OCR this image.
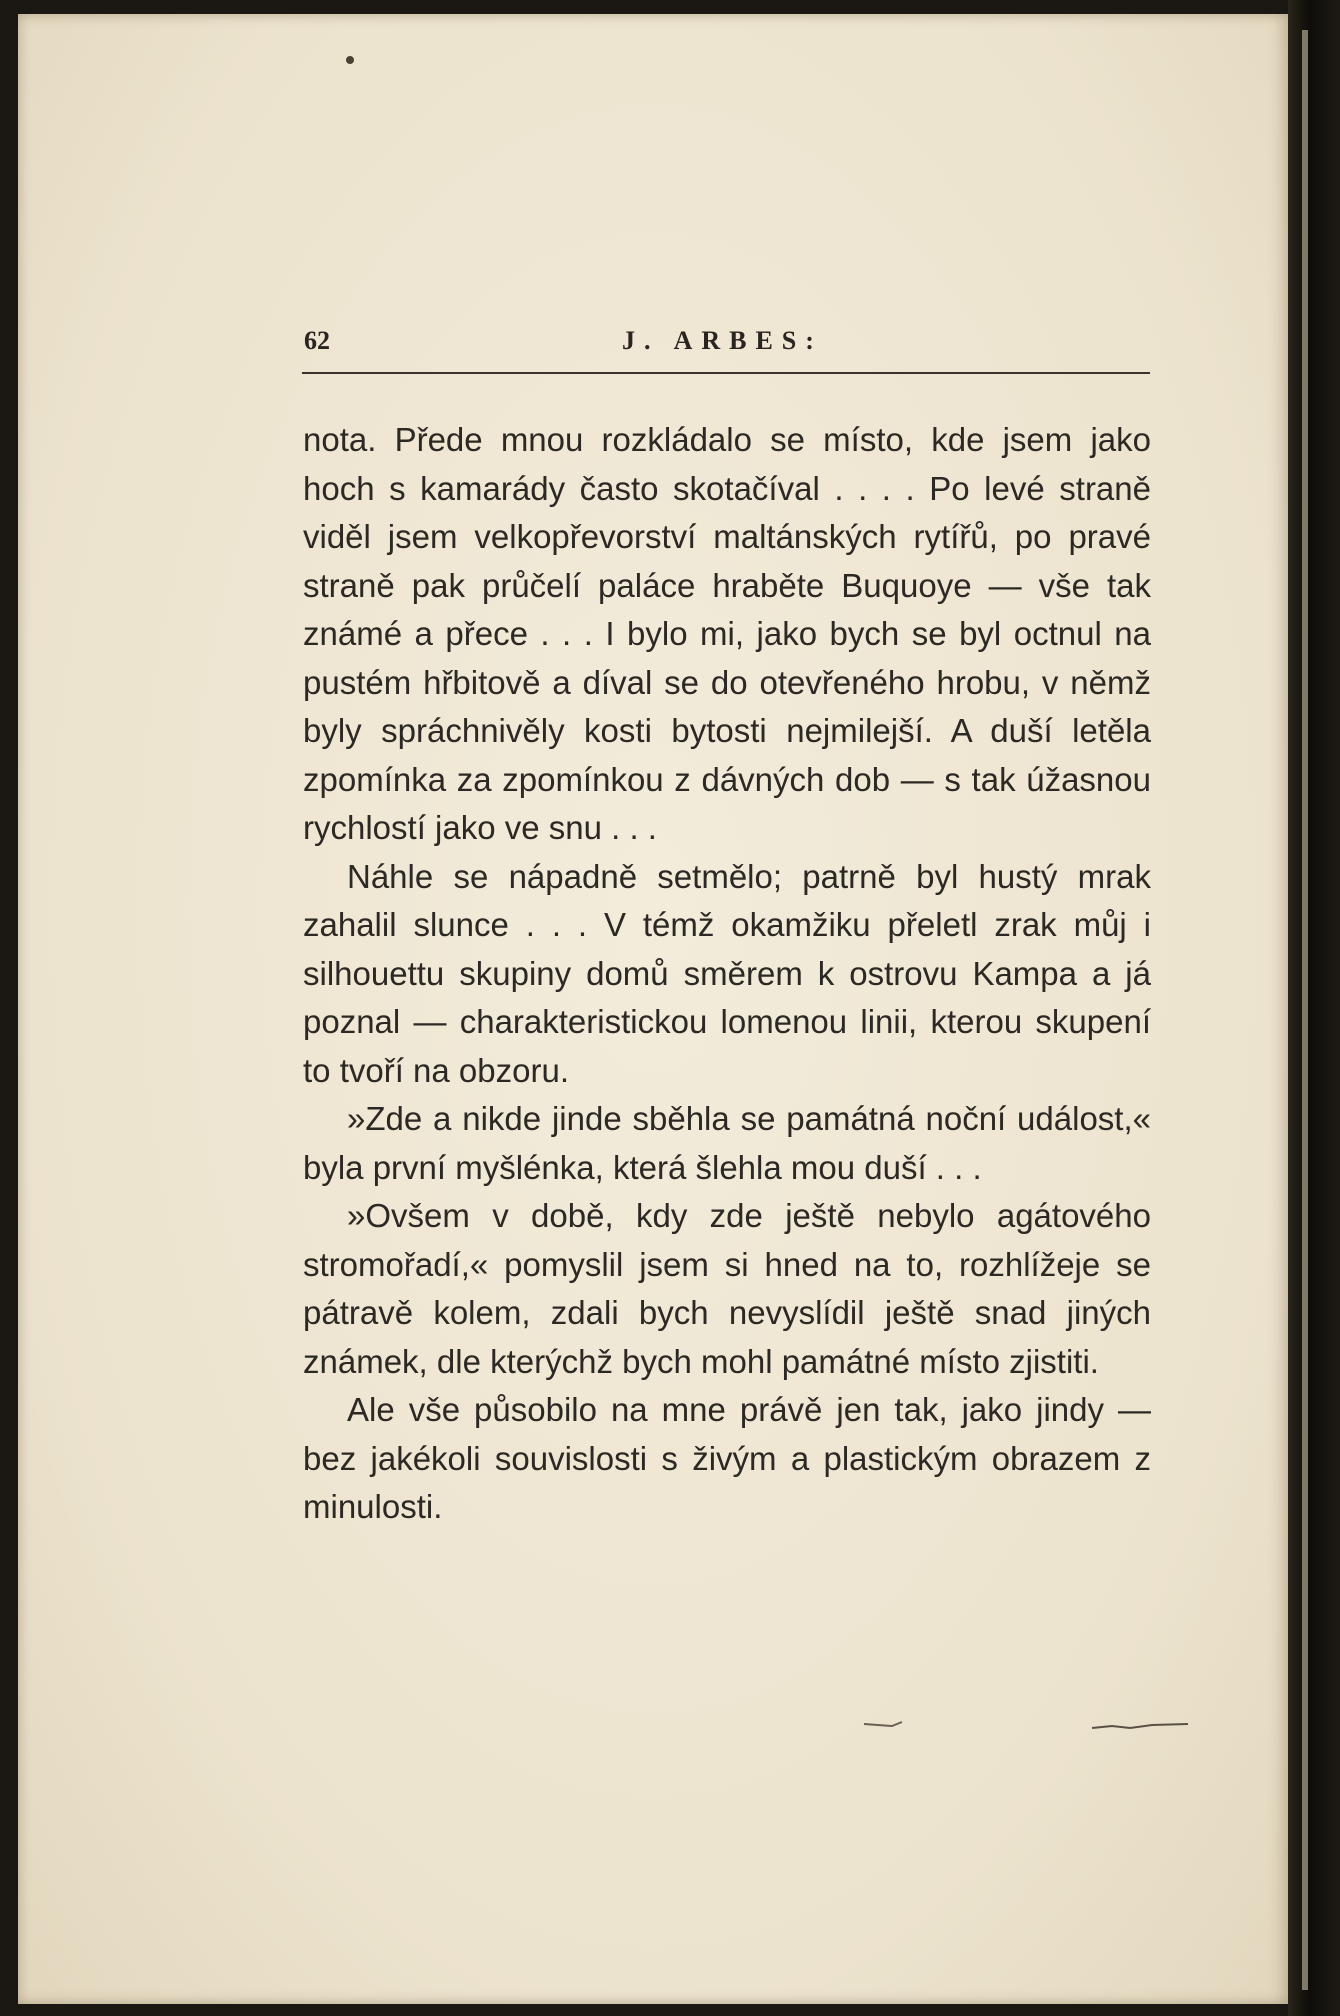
62	J. ARBES:

nota. Přede mnou rozkládalo se místo, kde jsem jako hoch s kamarády často skotačíval . . . . Po levé straně viděl jsem velkopřevorství maltánských rytířů, po pravé straně pak průčelí paláce hraběte Buquoye — vše tak známé a přece . . . I bylo mi, jako bych se byl octnul na pustém hřbitově a díval se do otevřeného hrobu, v němž byly spráchnivěly kosti bytosti nejmilejší. A duší letěla zpomínka za zpomínkou z dávných dob — s tak úžasnou rychlostí jako ve snu . . .

Náhle se nápadně setmělo; patrně byl hustý mrak zahalil slunce . . . V témž okamžiku přeletl zrak můj i silhouettu skupiny domů směrem k ostrovu Kampa a já poznal — charakteristickou lomenou linii, kterou skupení to tvoří na obzoru.

»Zde a nikde jinde sběhla se památná noční událost,« byla první myšlénka, která šlehla mou duší . . .

»Ovšem v době, kdy zde ještě nebylo agátového stromořadí,« pomyslil jsem si hned na to, rozhlížeje se pátravě kolem, zdali bych nevyslídil ještě snad jiných známek, dle kterýchž bych mohl památné místo zjistiti.

Ale vše působilo na mne právě jen tak, jako jindy — bez jakékoli souvislosti s živým a plastickým obrazem z minulosti.
